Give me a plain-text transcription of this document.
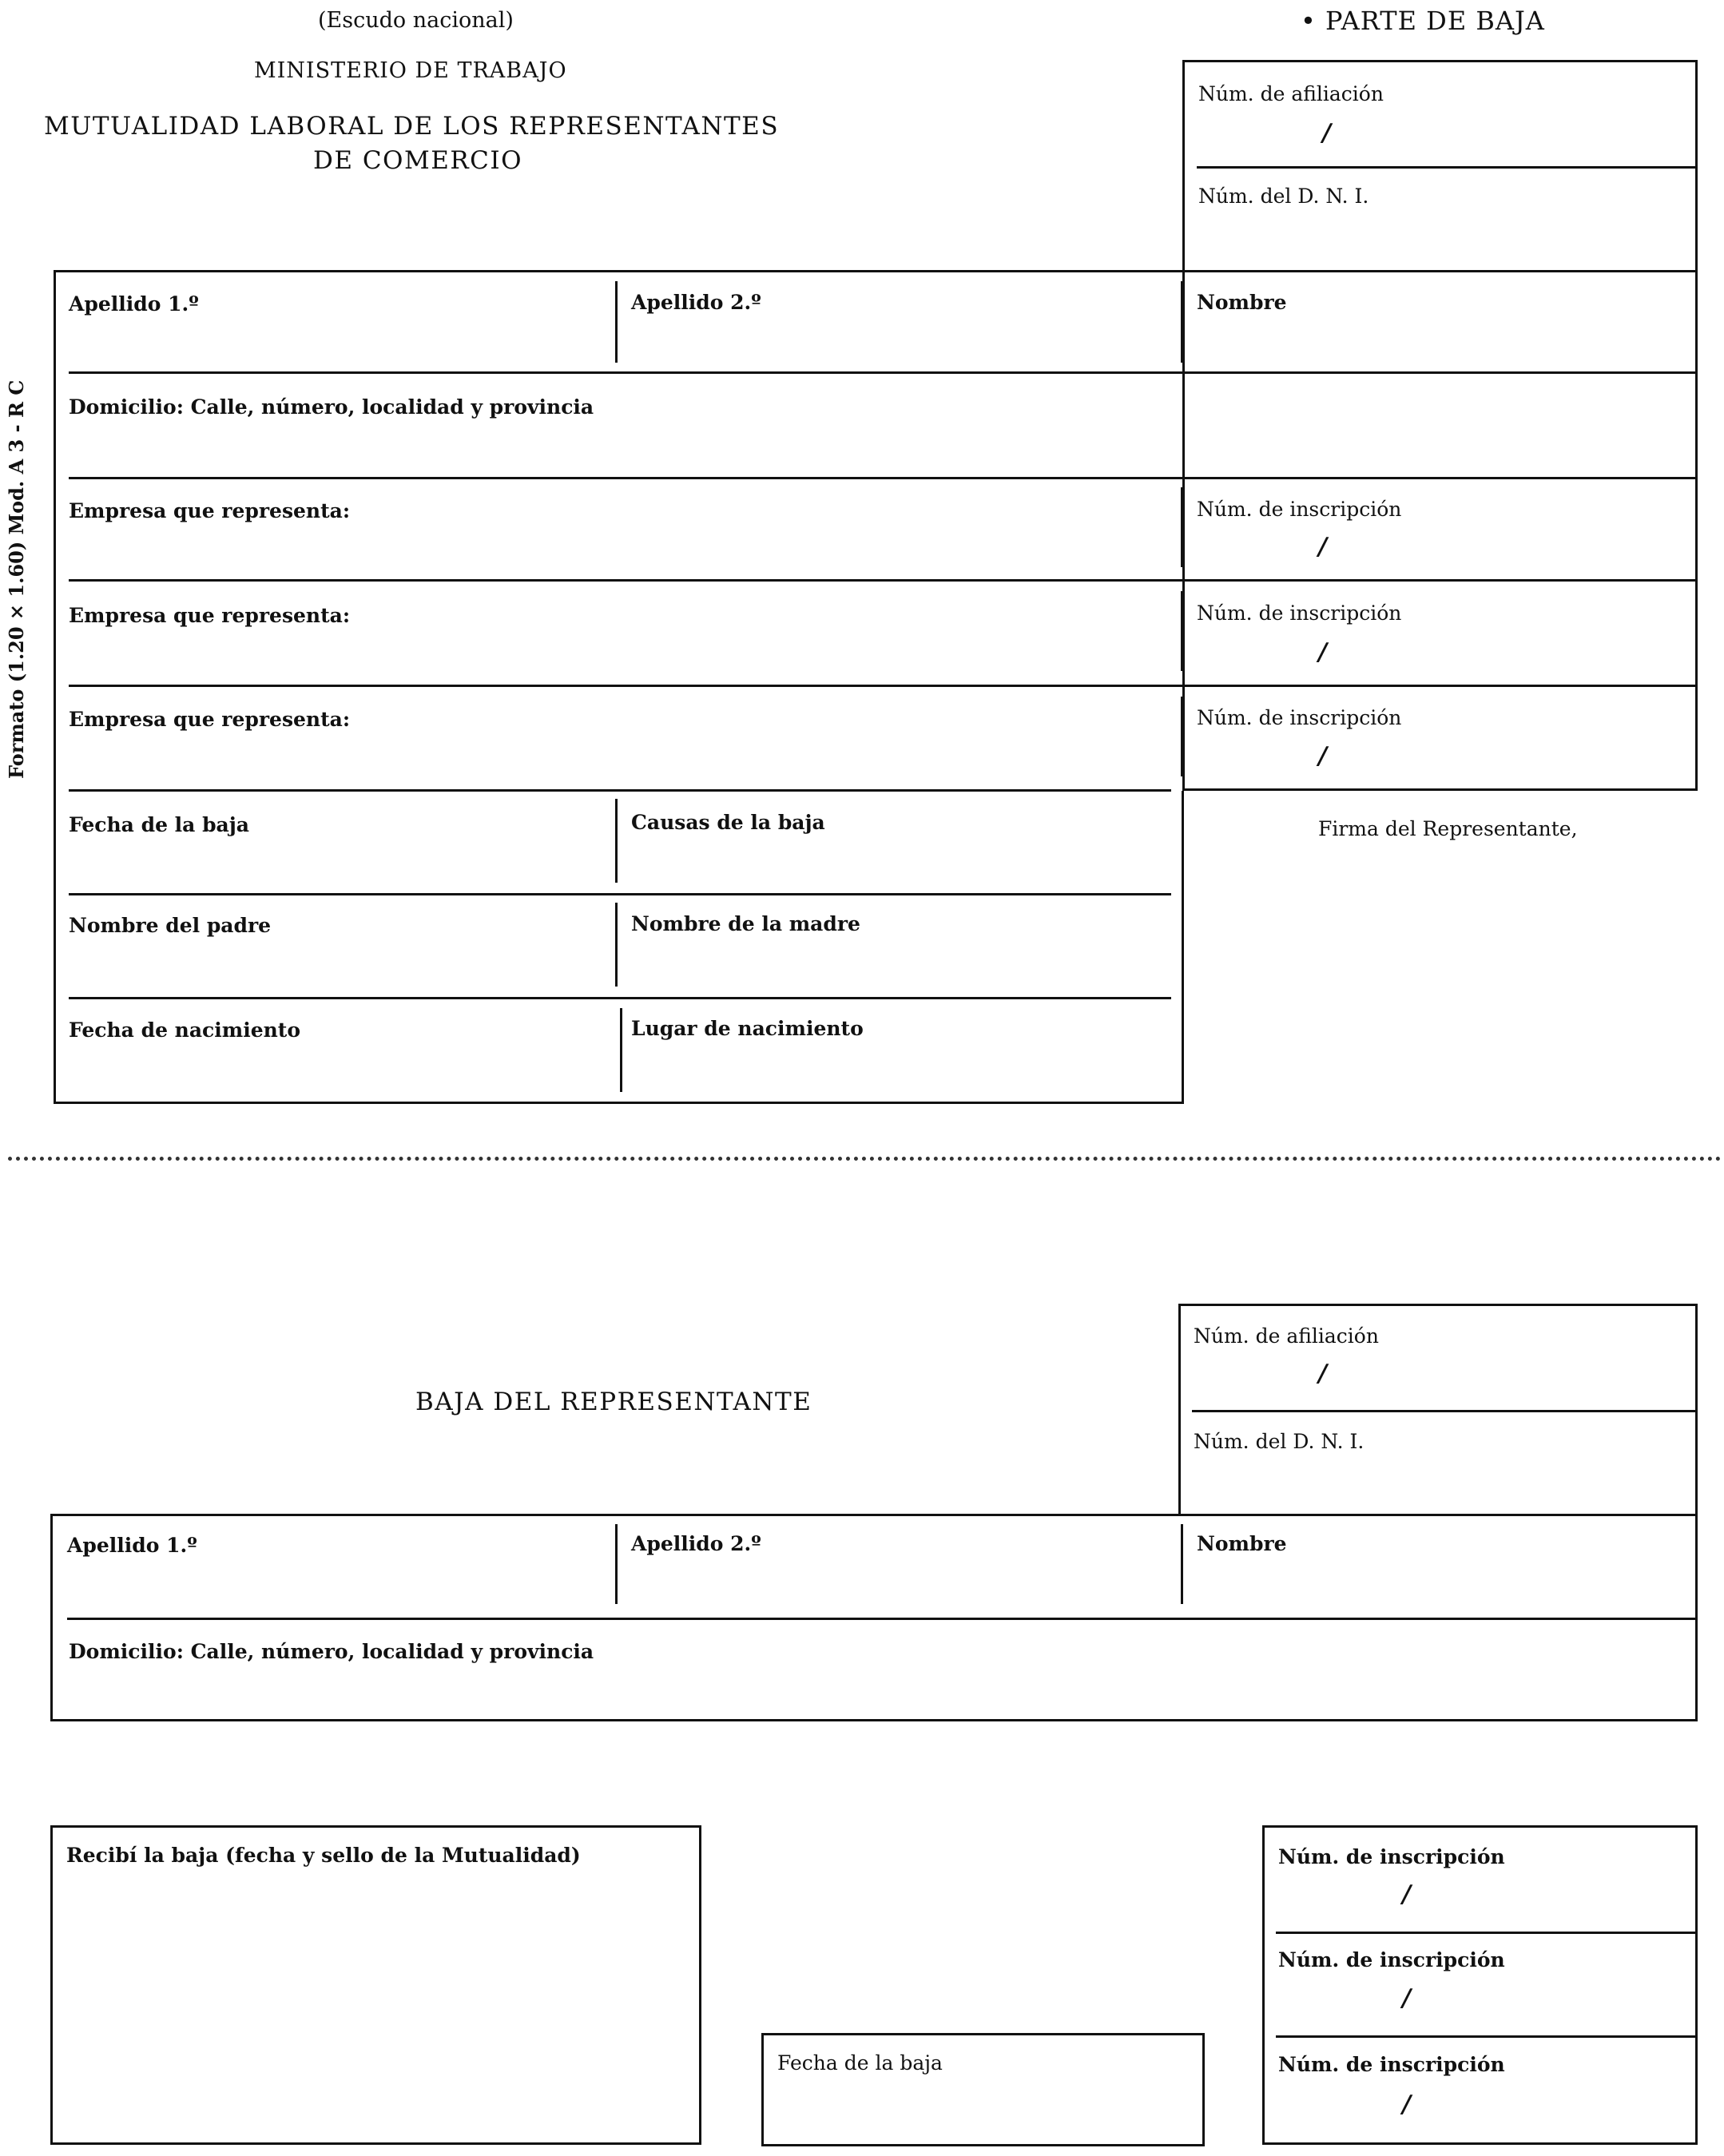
(Escudo nacional)
MINISTERIO DE TRABAJO
MUTUALIDAD LABORAL DE LOS REPRESENTANTES
DE COMERCIO
• PARTE DE BAJA
Formato (1.20 × 1.60) Mod. A 3 - R C
Núm. de afiliación
/
Núm. del D. N. I.
Apellido 1.º	Apellido 2.º	Nombre
Domicilio: Calle, número, localidad y provincia
Empresa que representa:	Núm. de inscripción
/
Empresa que representa:	Núm. de inscripción
/
Empresa que representa:	Núm. de inscripción
/
Fecha de la baja	Causas de la baja
Nombre del padre	Nombre de la madre
Fecha de nacimiento	Lugar de nacimiento
Firma del Representante,
BAJA DEL REPRESENTANTE
Núm. de afiliación
/
Núm. del D. N. I.
Apellido 1.º	Apellido 2.º	Nombre
Domicilio: Calle, número, localidad y provincia
Recibí la baja (fecha y sello de la Mutualidad)
Fecha de la baja
Núm. de inscripción
/
Núm. de inscripción
/
Núm. de inscripción
/
